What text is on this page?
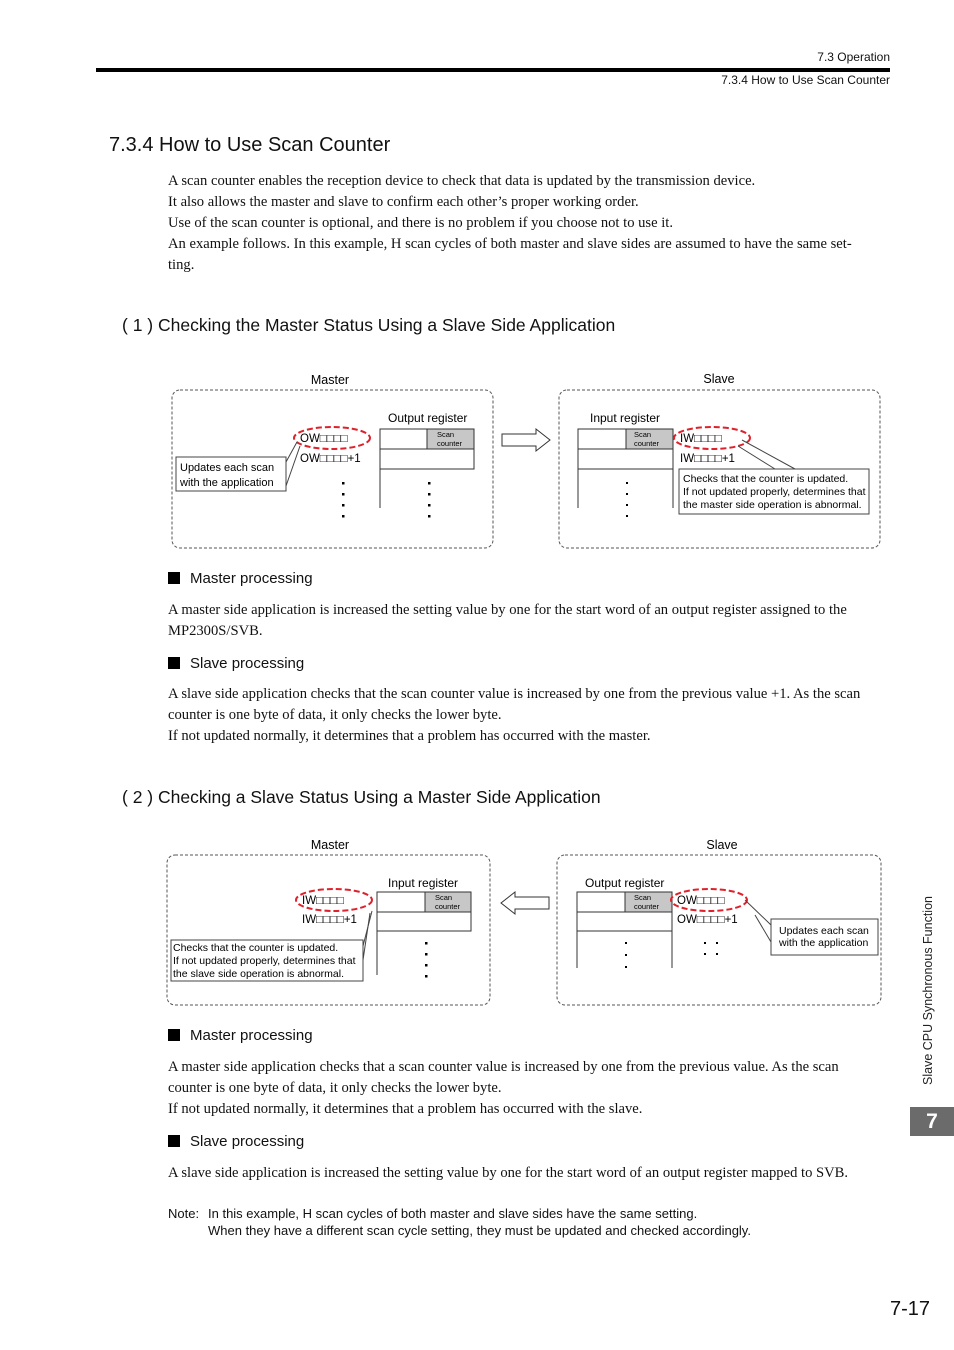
7.3 Operation
7.3.4 How to Use Scan Counter
7.3.4 How to Use Scan Counter
A scan counter enables the reception device to check that data is updated by the transmission device.
It also allows the master and slave to confirm each other’s proper working order.
Use of the scan counter is optional, and there is no problem if you choose not to use it.
An example follows. In this example, H scan cycles of both master and slave sides are assumed to have the same set-
ting.
( 1 ) Checking the Master Status Using a Slave Side Application
Master	Slave
Output register
Scan
counter
OW□□□□
OW□□□□+1
Updates each scan
with the application
Input register
Scan
counter IW□□□□
IW□□□□+1
Checks that the counter is updated.
If not updated properly, determines that
the master side operation is abnormal.
Master processing
A master side application is increased the setting value by one for the start word of an output register assigned to the
MP2300S/SVB.
Slave processing
A slave side application checks that the scan counter value is increased by one from the previous value +1. As the scan
counter is one byte of data, it only checks the lower byte.
If not updated normally, it determines that a problem has occurred with the master.
( 2 ) Checking a Slave Status Using a Master Side Application
Master	Slave
Input register
Scan
counter
IW□□□□
IW□□□□+1
Checks that the counter is updated.
If not updated properly, determines that
the slave side operation is abnormal.
Output register
Scan
counter OW□□□□
OW□□□□+1
Updates each scan
with the application
Master processing
A master side application checks that a scan counter value is increased by one from the previous value. As the scan
counter is one byte of data, it only checks the lower byte.
If not updated normally, it determines that a problem has occurred with the slave.
Slave processing
A slave side application is increased the setting value by one for the start word of an output register mapped to SVB.
Note: In this example, H scan cycles of both master and slave sides have the same setting.
When they have a different scan cycle setting, they must be updated and checked accordingly.
Slave CPU Synchronous Function
7
7-17
